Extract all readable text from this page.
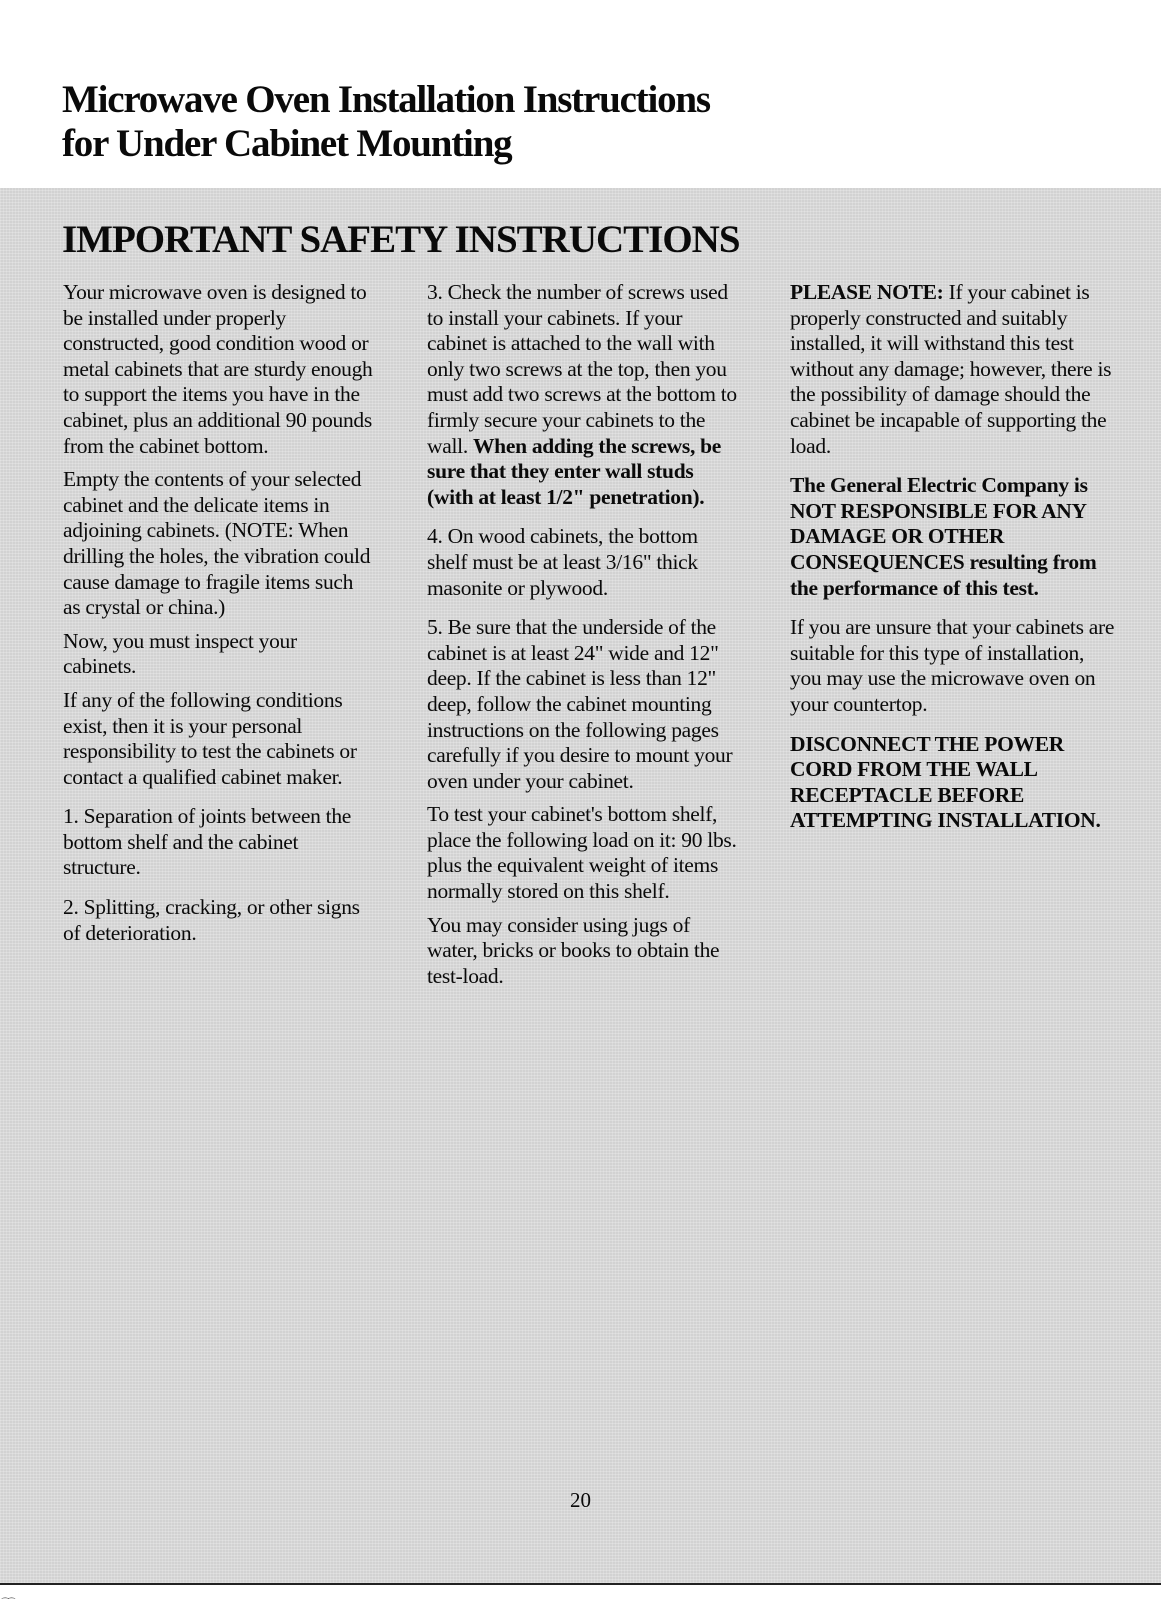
Microwave Oven Installation Instructions
for Under Cabinet Mounting
IMPORTANT SAFETY INSTRUCTIONS

Your microwave oven is designed to be installed under properly constructed, good condition wood or metal cabinets that are sturdy enough to support the items you have in the cabinet, plus an additional 90 pounds from the cabinet bottom.

Empty the contents of your selected cabinet and the delicate items in adjoining cabinets. (NOTE: When drilling the holes, the vibration could cause damage to fragile items such as crystal or china.)

Now, you must inspect your cabinets.

If any of the following conditions exist, then it is your personal responsibility to test the cabinets or contact a qualified cabinet maker.

1. Separation of joints between the bottom shelf and the cabinet structure.

2. Splitting, cracking, or other signs of deterioration.

3. Check the number of screws used to install your cabinets. If your cabinet is attached to the wall with only two screws at the top, then you must add two screws at the bottom to firmly secure your cabinets to the wall. When adding the screws, be sure that they enter wall studs (with at least 1/2" penetration).

4. On wood cabinets, the bottom shelf must be at least 3/16" thick masonite or plywood.

5. Be sure that the underside of the cabinet is at least 24" wide and 12" deep. If the cabinet is less than 12" deep, follow the cabinet mounting instructions on the following pages carefully if you desire to mount your oven under your cabinet.

To test your cabinet's bottom shelf, place the following load on it: 90 lbs. plus the equivalent weight of items normally stored on this shelf.

You may consider using jugs of water, bricks or books to obtain the test-load.

PLEASE NOTE: If your cabinet is properly constructed and suitably installed, it will withstand this test without any damage; however, there is the possibility of damage should the cabinet be incapable of supporting the load.

The General Electric Company is NOT RESPONSIBLE FOR ANY DAMAGE OR OTHER CONSEQUENCES resulting from the performance of this test.

If you are unsure that your cabinets are suitable for this type of installation, you may use the microwave oven on your countertop.

DISCONNECT THE POWER CORD FROM THE WALL RECEPTACLE BEFORE ATTEMPTING INSTALLATION.

20
⁔⁔
